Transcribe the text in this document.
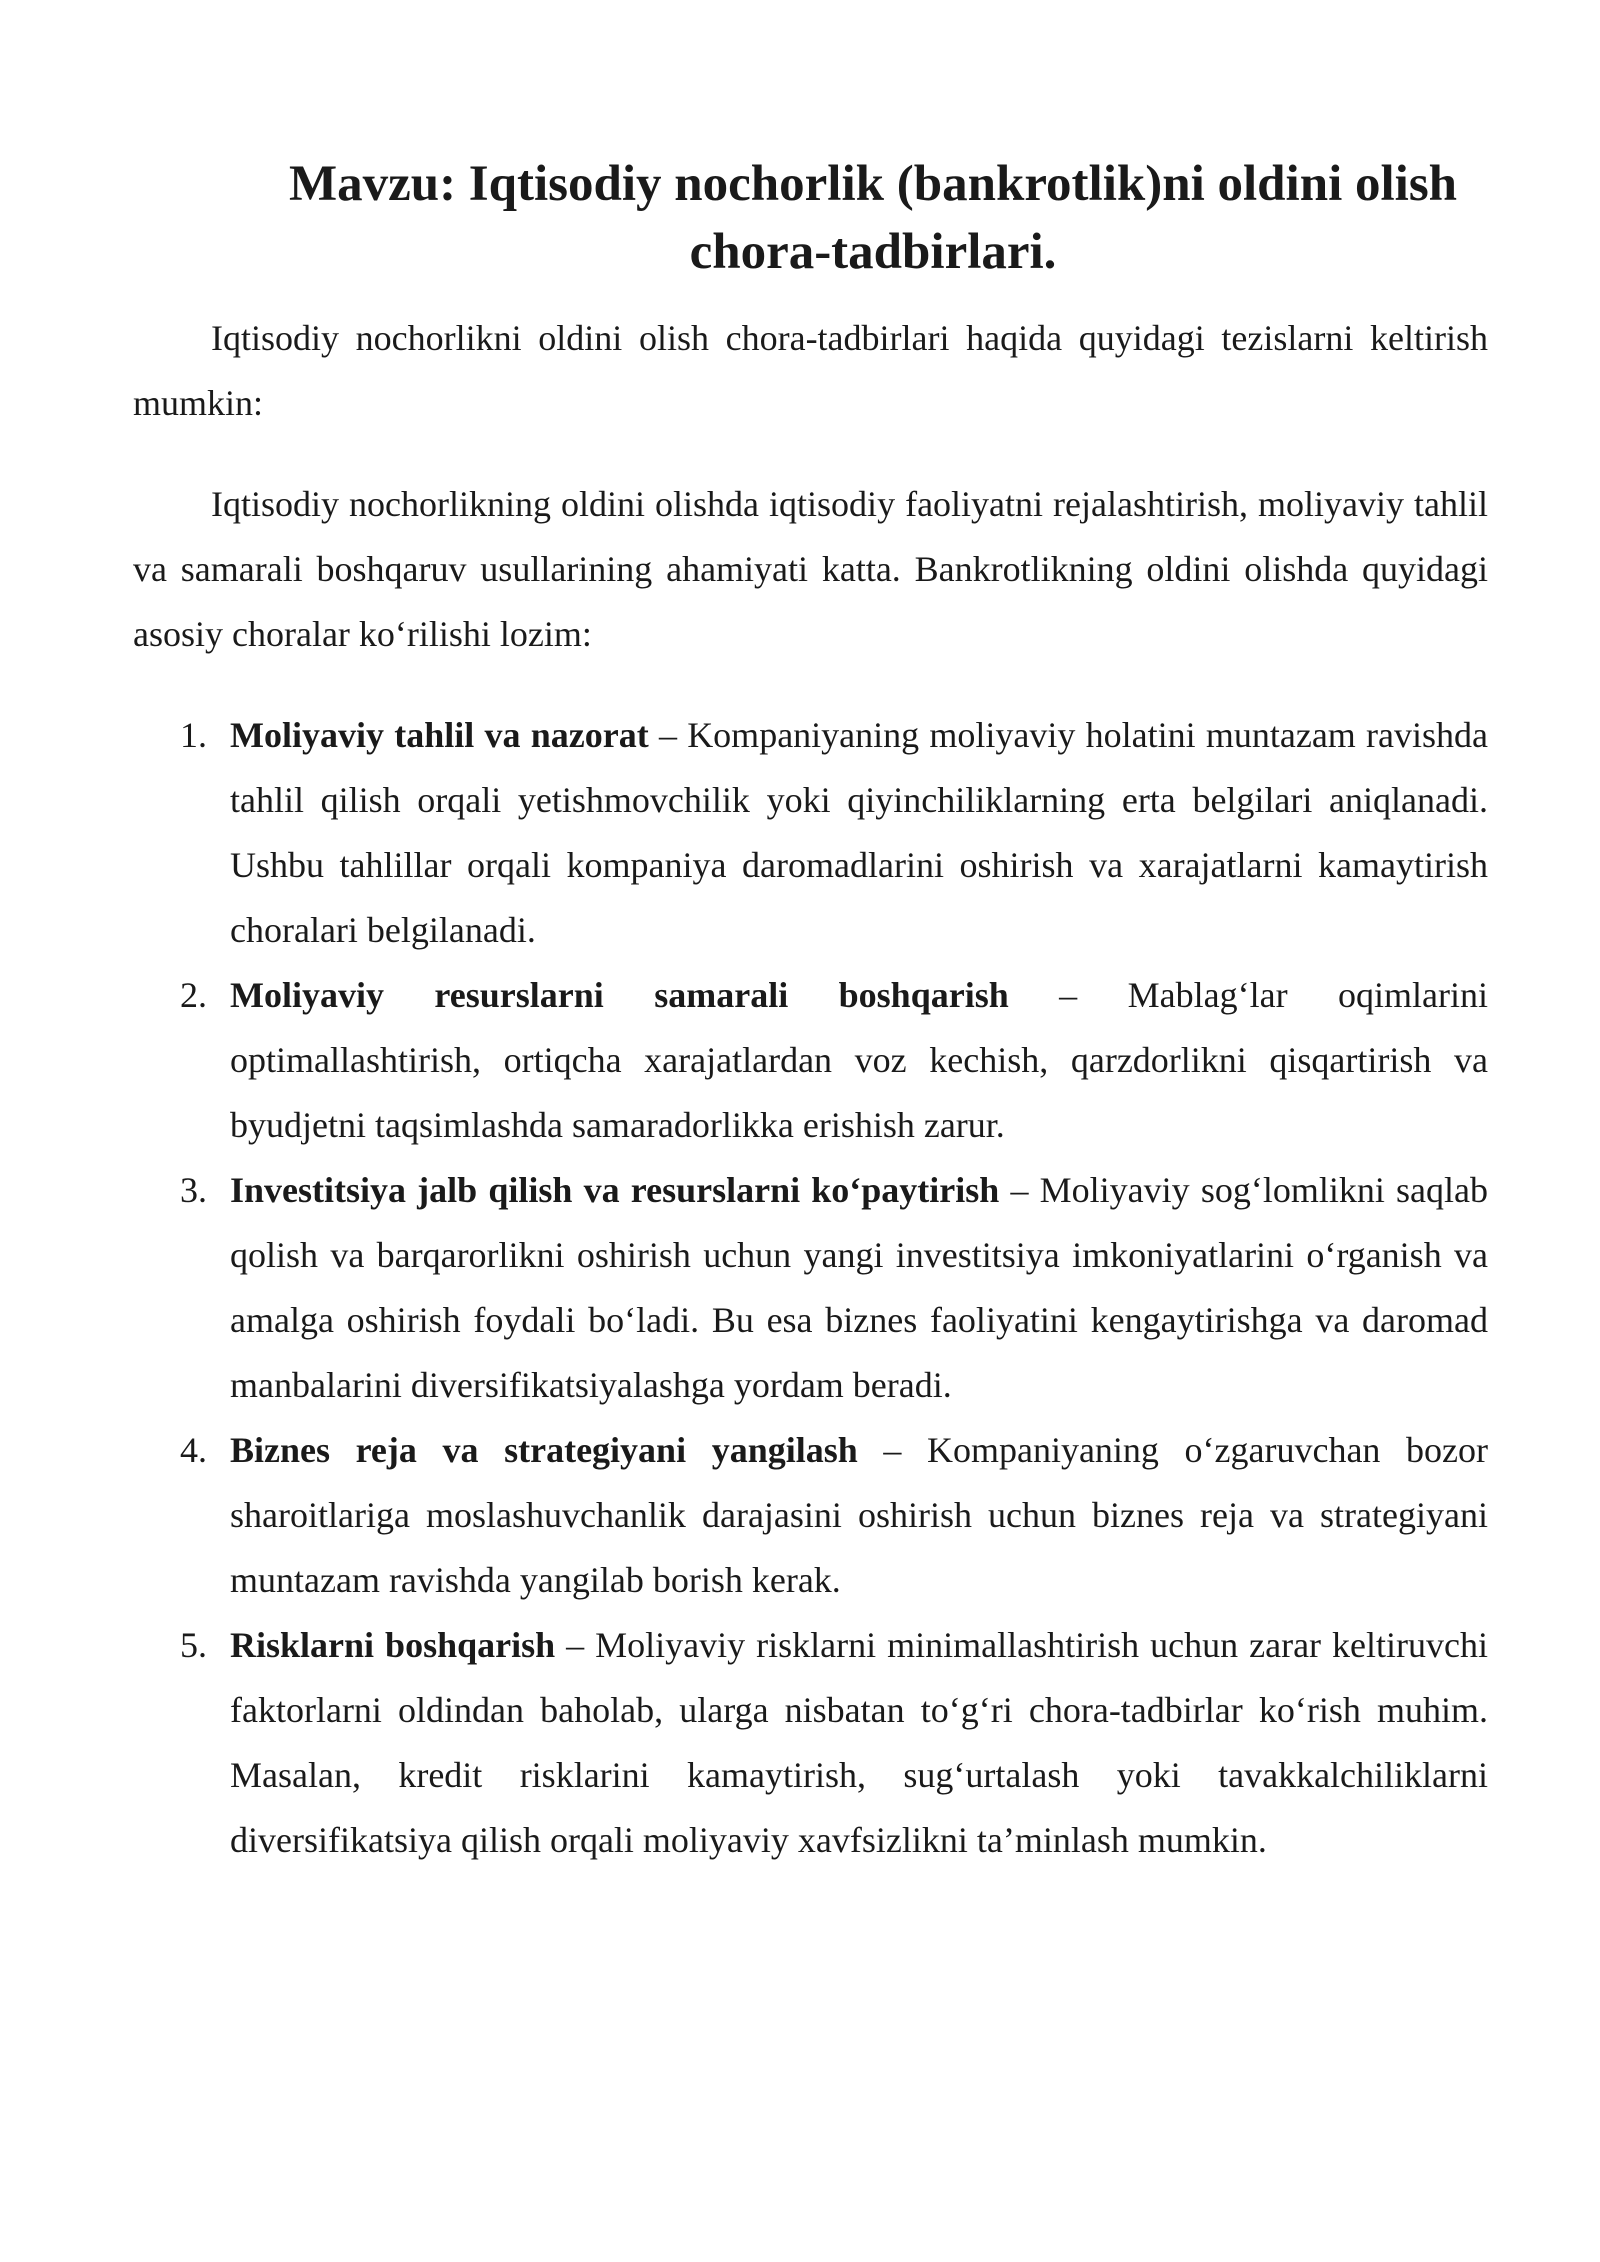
Mavzu: Iqtisodiy nochorlik (bankrotlik)ni oldini olish
chora-tadbirlari.

Iqtisodiy nochorlikni oldini olish chora-tadbirlari haqida quyidagi tezislarni keltirish mumkin:

Iqtisodiy nochorlikning oldini olishda iqtisodiy faoliyatni rejalashtirish, moliyaviy tahlil va samarali boshqaruv usullarining ahamiyati katta. Bankrotlikning oldini olishda quyidagi asosiy choralar ko‘rilishi lozim:

1. Moliyaviy tahlil va nazorat – Kompaniyaning moliyaviy holatini muntazam ravishda tahlil qilish orqali yetishmovchilik yoki qiyinchiliklarning erta belgilari aniqlanadi. Ushbu tahlillar orqali kompaniya daromadlarini oshirish va xarajatlarni kamaytirish choralari belgilanadi.
2. Moliyaviy resurslarni samarali boshqarish – Mablag‘lar oqimlarini optimallashtirish, ortiqcha xarajatlardan voz kechish, qarzdorlikni qisqartirish va byudjetni taqsimlashda samaradorlikka erishish zarur.
3. Investitsiya jalb qilish va resurslarni ko‘paytirish – Moliyaviy sog‘lomlikni saqlab qolish va barqarorlikni oshirish uchun yangi investitsiya imkoniyatlarini o‘rganish va amalga oshirish foydali bo‘ladi. Bu esa biznes faoliyatini kengaytirishga va daromad manbalarini diversifikatsiyalashga yordam beradi.
4. Biznes reja va strategiyani yangilash – Kompaniyaning o‘zgaruvchan bozor sharoitlariga moslashuvchanlik darajasini oshirish uchun biznes reja va strategiyani muntazam ravishda yangilab borish kerak.
5. Risklarni boshqarish – Moliyaviy risklarni minimallashtirish uchun zarar keltiruvchi faktorlarni oldindan baholab, ularga nisbatan to‘g‘ri chora-tadbirlar ko‘rish muhim. Masalan, kredit risklarini kamaytirish, sug‘urtalash yoki tavakkalchiliklarni diversifikatsiya qilish orqali moliyaviy xavfsizlikni ta’minlash mumkin.
